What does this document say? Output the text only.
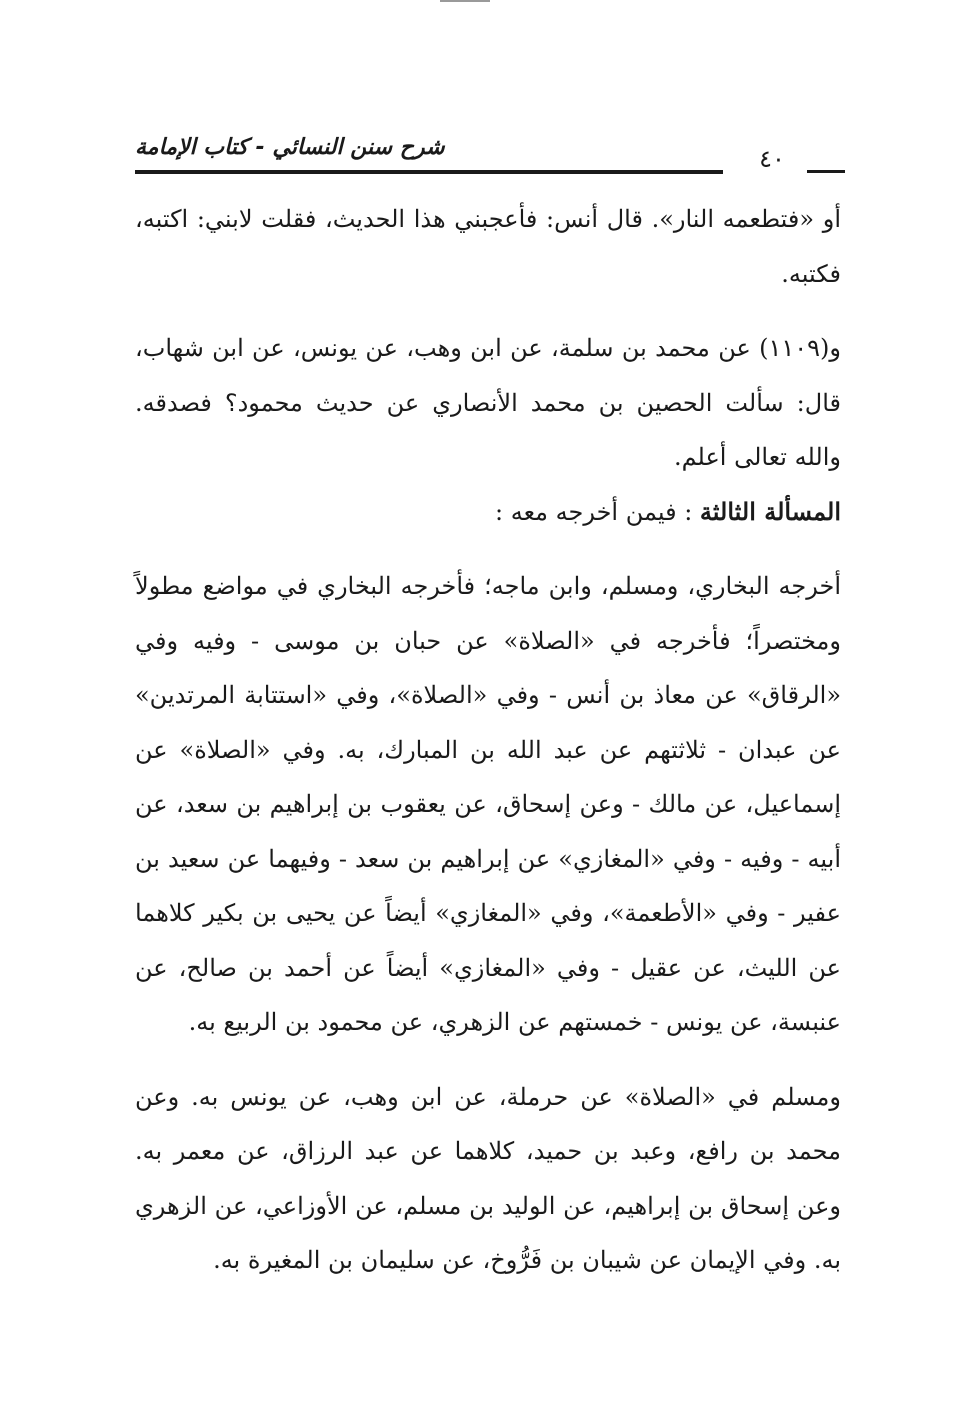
شرح سنن النسائي - كتاب الإمامة	٤٠

أو «فتطعمه النار». قال أنس: فأعجبني هذا الحديث، فقلت لابني: اكتبه، فكتبه.

و(١١٠٩) عن محمد بن سلمة، عن ابن وهب، عن يونس، عن ابن شهاب، قال: سألت الحصين بن محمد الأنصاري عن حديث محمود؟ فصدقه. والله تعالى أعلم.

المسألة الثالثة : فيمن أخرجه معه :

أخرجه البخاري، ومسلم، وابن ماجه؛ فأخرجه البخاري في مواضع مطولاً ومختصراً؛ فأخرجه في «الصلاة» عن حبان بن موسى - وفيه وفي «الرقاق» عن معاذ بن أنس - وفي «الصلاة»، وفي «استتابة المرتدين» عن عبدان - ثلاثتهم عن عبد الله بن المبارك، به. وفي «الصلاة» عن إسماعيل، عن مالك - وعن إسحاق، عن يعقوب بن إبراهيم بن سعد، عن أبيه - وفيه - وفي «المغازي» عن إبراهيم بن سعد - وفيهما عن سعيد بن عفير - وفي «الأطعمة»، وفي «المغازي» أيضاً عن يحيى بن بكير كلاهما عن الليث، عن عقيل - وفي «المغازي» أيضاً عن أحمد بن صالح، عن عنبسة، عن يونس - خمستهم عن الزهري، عن محمود بن الربيع به.

ومسلم في «الصلاة» عن حرملة، عن ابن وهب، عن يونس به. وعن محمد بن رافع، وعبد بن حميد، كلاهما عن عبد الرزاق، عن معمر به. وعن إسحاق بن إبراهيم، عن الوليد بن مسلم، عن الأوزاعي، عن الزهري به. وفي الإيمان عن شيبان بن فَرُّوخ، عن سليمان بن المغيرة به.
